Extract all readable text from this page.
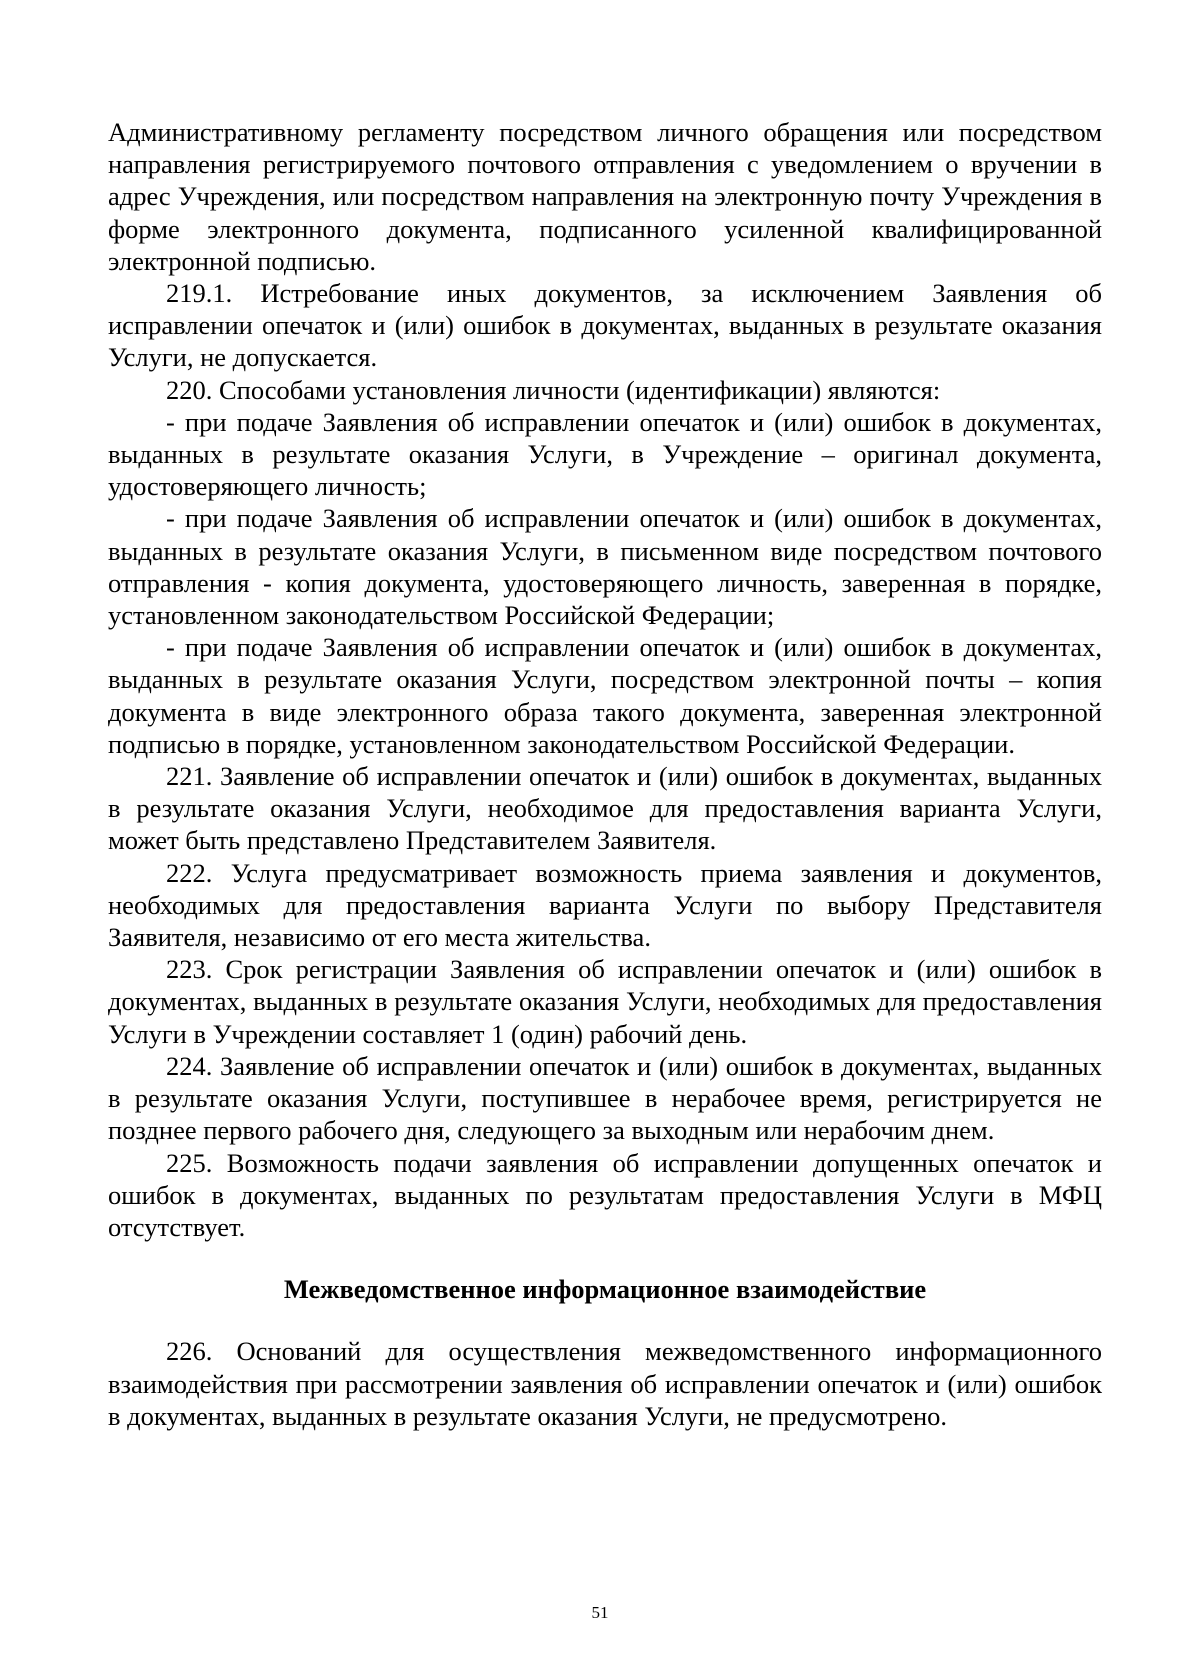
Административному регламенту посредством личного обращения или посредством направления регистрируемого почтового отправления с уведомлением о вручении в адрес Учреждения, или посредством направления на электронную почту Учреждения в форме электронного документа, подписанного усиленной квалифицированной электронной подписью.

219.1. Истребование иных документов, за исключением Заявления об исправлении опечаток и (или) ошибок в документах, выданных в результате оказания Услуги, не допускается.

220. Способами установления личности (идентификации) являются:

- при подаче Заявления об исправлении опечаток и (или) ошибок в документах, выданных в результате оказания Услуги, в Учреждение – оригинал документа, удостоверяющего личность;

- при подаче Заявления об исправлении опечаток и (или) ошибок в документах, выданных в результате оказания Услуги, в письменном виде посредством почтового отправления - копия документа, удостоверяющего личность, заверенная в порядке, установленном законодательством Российской Федерации;

- при подаче Заявления об исправлении опечаток и (или) ошибок в документах, выданных в результате оказания Услуги, посредством электронной почты – копия документа в виде электронного образа такого документа, заверенная электронной подписью в порядке, установленном законодательством Российской Федерации.

221. Заявление об исправлении опечаток и (или) ошибок в документах, выданных в результате оказания Услуги, необходимое для предоставления варианта Услуги, может быть представлено Представителем Заявителя.

222. Услуга предусматривает возможность приема заявления и документов, необходимых для предоставления варианта Услуги по выбору Представителя Заявителя, независимо от его места жительства.

223. Срок регистрации Заявления об исправлении опечаток и (или) ошибок в документах, выданных в результате оказания Услуги, необходимых для предоставления Услуги в Учреждении составляет 1 (один) рабочий день.

224. Заявление об исправлении опечаток и (или) ошибок в документах, выданных в результате оказания Услуги, поступившее в нерабочее время, регистрируется не позднее первого рабочего дня, следующего за выходным или нерабочим днем.

225. Возможность подачи заявления об исправлении допущенных опечаток и ошибок в документах, выданных по результатам предоставления Услуги в МФЦ отсутствует.

Межведомственное информационное взаимодействие

226. Оснований для осуществления межведомственного информационного взаимодействия при рассмотрении заявления об исправлении опечаток и (или) ошибок в документах, выданных в результате оказания Услуги, не предусмотрено.

51
